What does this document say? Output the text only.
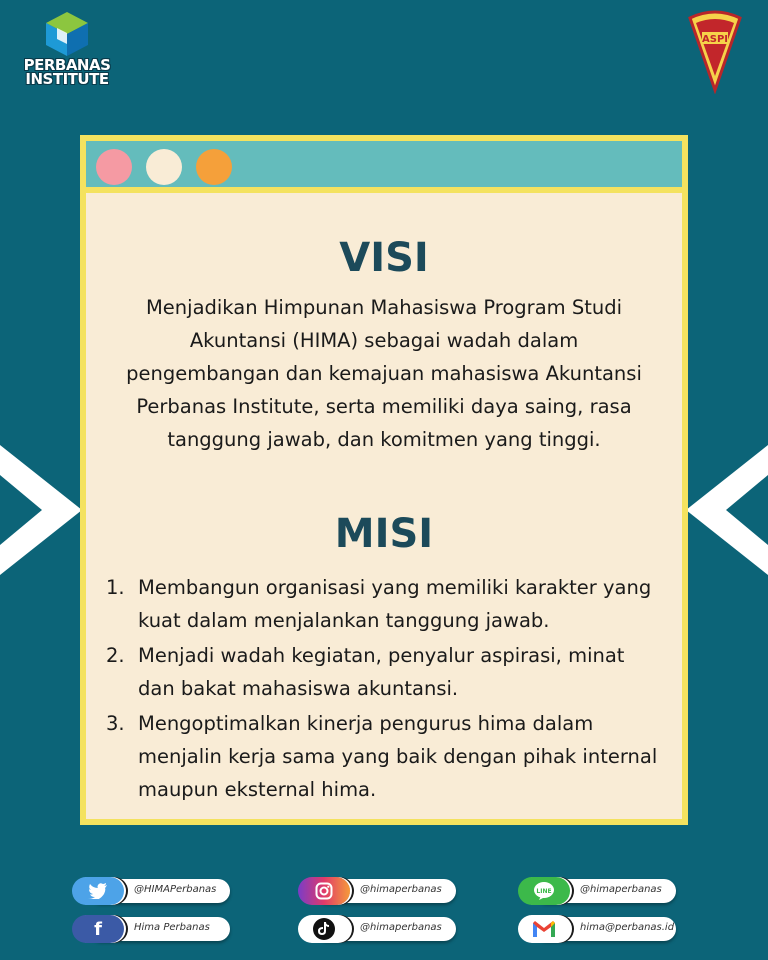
PERBANAS
INSTITUTE
ASPI
VISI

Menjadikan Himpunan Mahasiswa Program Studi Akuntansi (HIMA) sebagai wadah dalam pengembangan dan kemajuan mahasiswa Akuntansi Perbanas Institute, serta memiliki daya saing, rasa tanggung jawab, dan komitmen yang tinggi.

MISI
1. Membangun organisasi yang memiliki karakter yang kuat dalam menjalankan tanggung jawab.
2. Menjadi wadah kegiatan, penyalur aspirasi, minat dan bakat mahasiswa akuntansi.
3. Mengoptimalkan kinerja pengurus hima dalam menjalin kerja sama yang baik dengan pihak internal maupun eksternal hima.
@HIMAPerbanas	@himaperbanas	LINE	@himaperbanas
f	Hima Perbanas	@himaperbanas	hima@perbanas.id
